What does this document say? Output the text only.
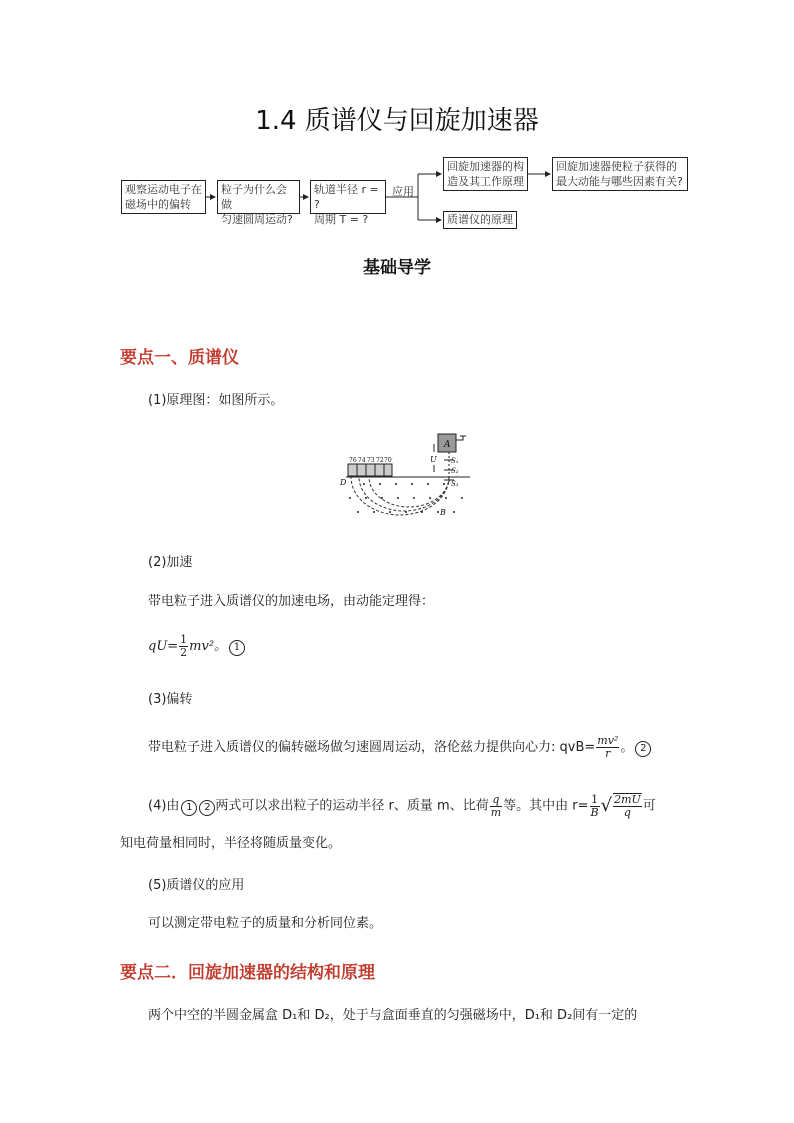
1.4 质谱仪与回旋加速器
观察运动电子在
磁场中的偏转
粒子为什么会做
匀速圆周运动?
轨道半径 r = ?
周期 T = ?
回旋加速器的构
造及其工作原理
回旋加速器使粒子获得的
最大动能与哪些因素有关?
质谱仪的原理
应用
基础导学
要点一、质谱仪
(1)原理图：如图所示。
A
U S₁
S₂
S₃
76 74 73 72 70
D
B
(2)加速
带电粒子进入质谱仪的加速电场，由动能定理得：
$qU= \frac{1}{2} mv^2$。 1
(3)偏转
带电粒子进入质谱仪的偏转磁场做匀速圆周运动，洛伦兹力提供向心力: $qvB= \frac{\text{mv²}}{r}$ 。 2
(4)由 1 2 两式可以求出粒子的运动半径 r、质量 m、比荷 $\frac{q}{m}$ 等。其中由 $r= \frac{1}{B}$ √ $\frac{2mU}{q}$ 可
知电荷量相同时，半径将随质量变化。
(5)质谱仪的应用
可以测定带电粒子的质量和分析同位素。
要点二．回旋加速器的结构和原理
两个中空的半圆金属盒 D₁和 D₂，处于与盒面垂直的匀强磁场中，D₁和 D₂间有一定的
